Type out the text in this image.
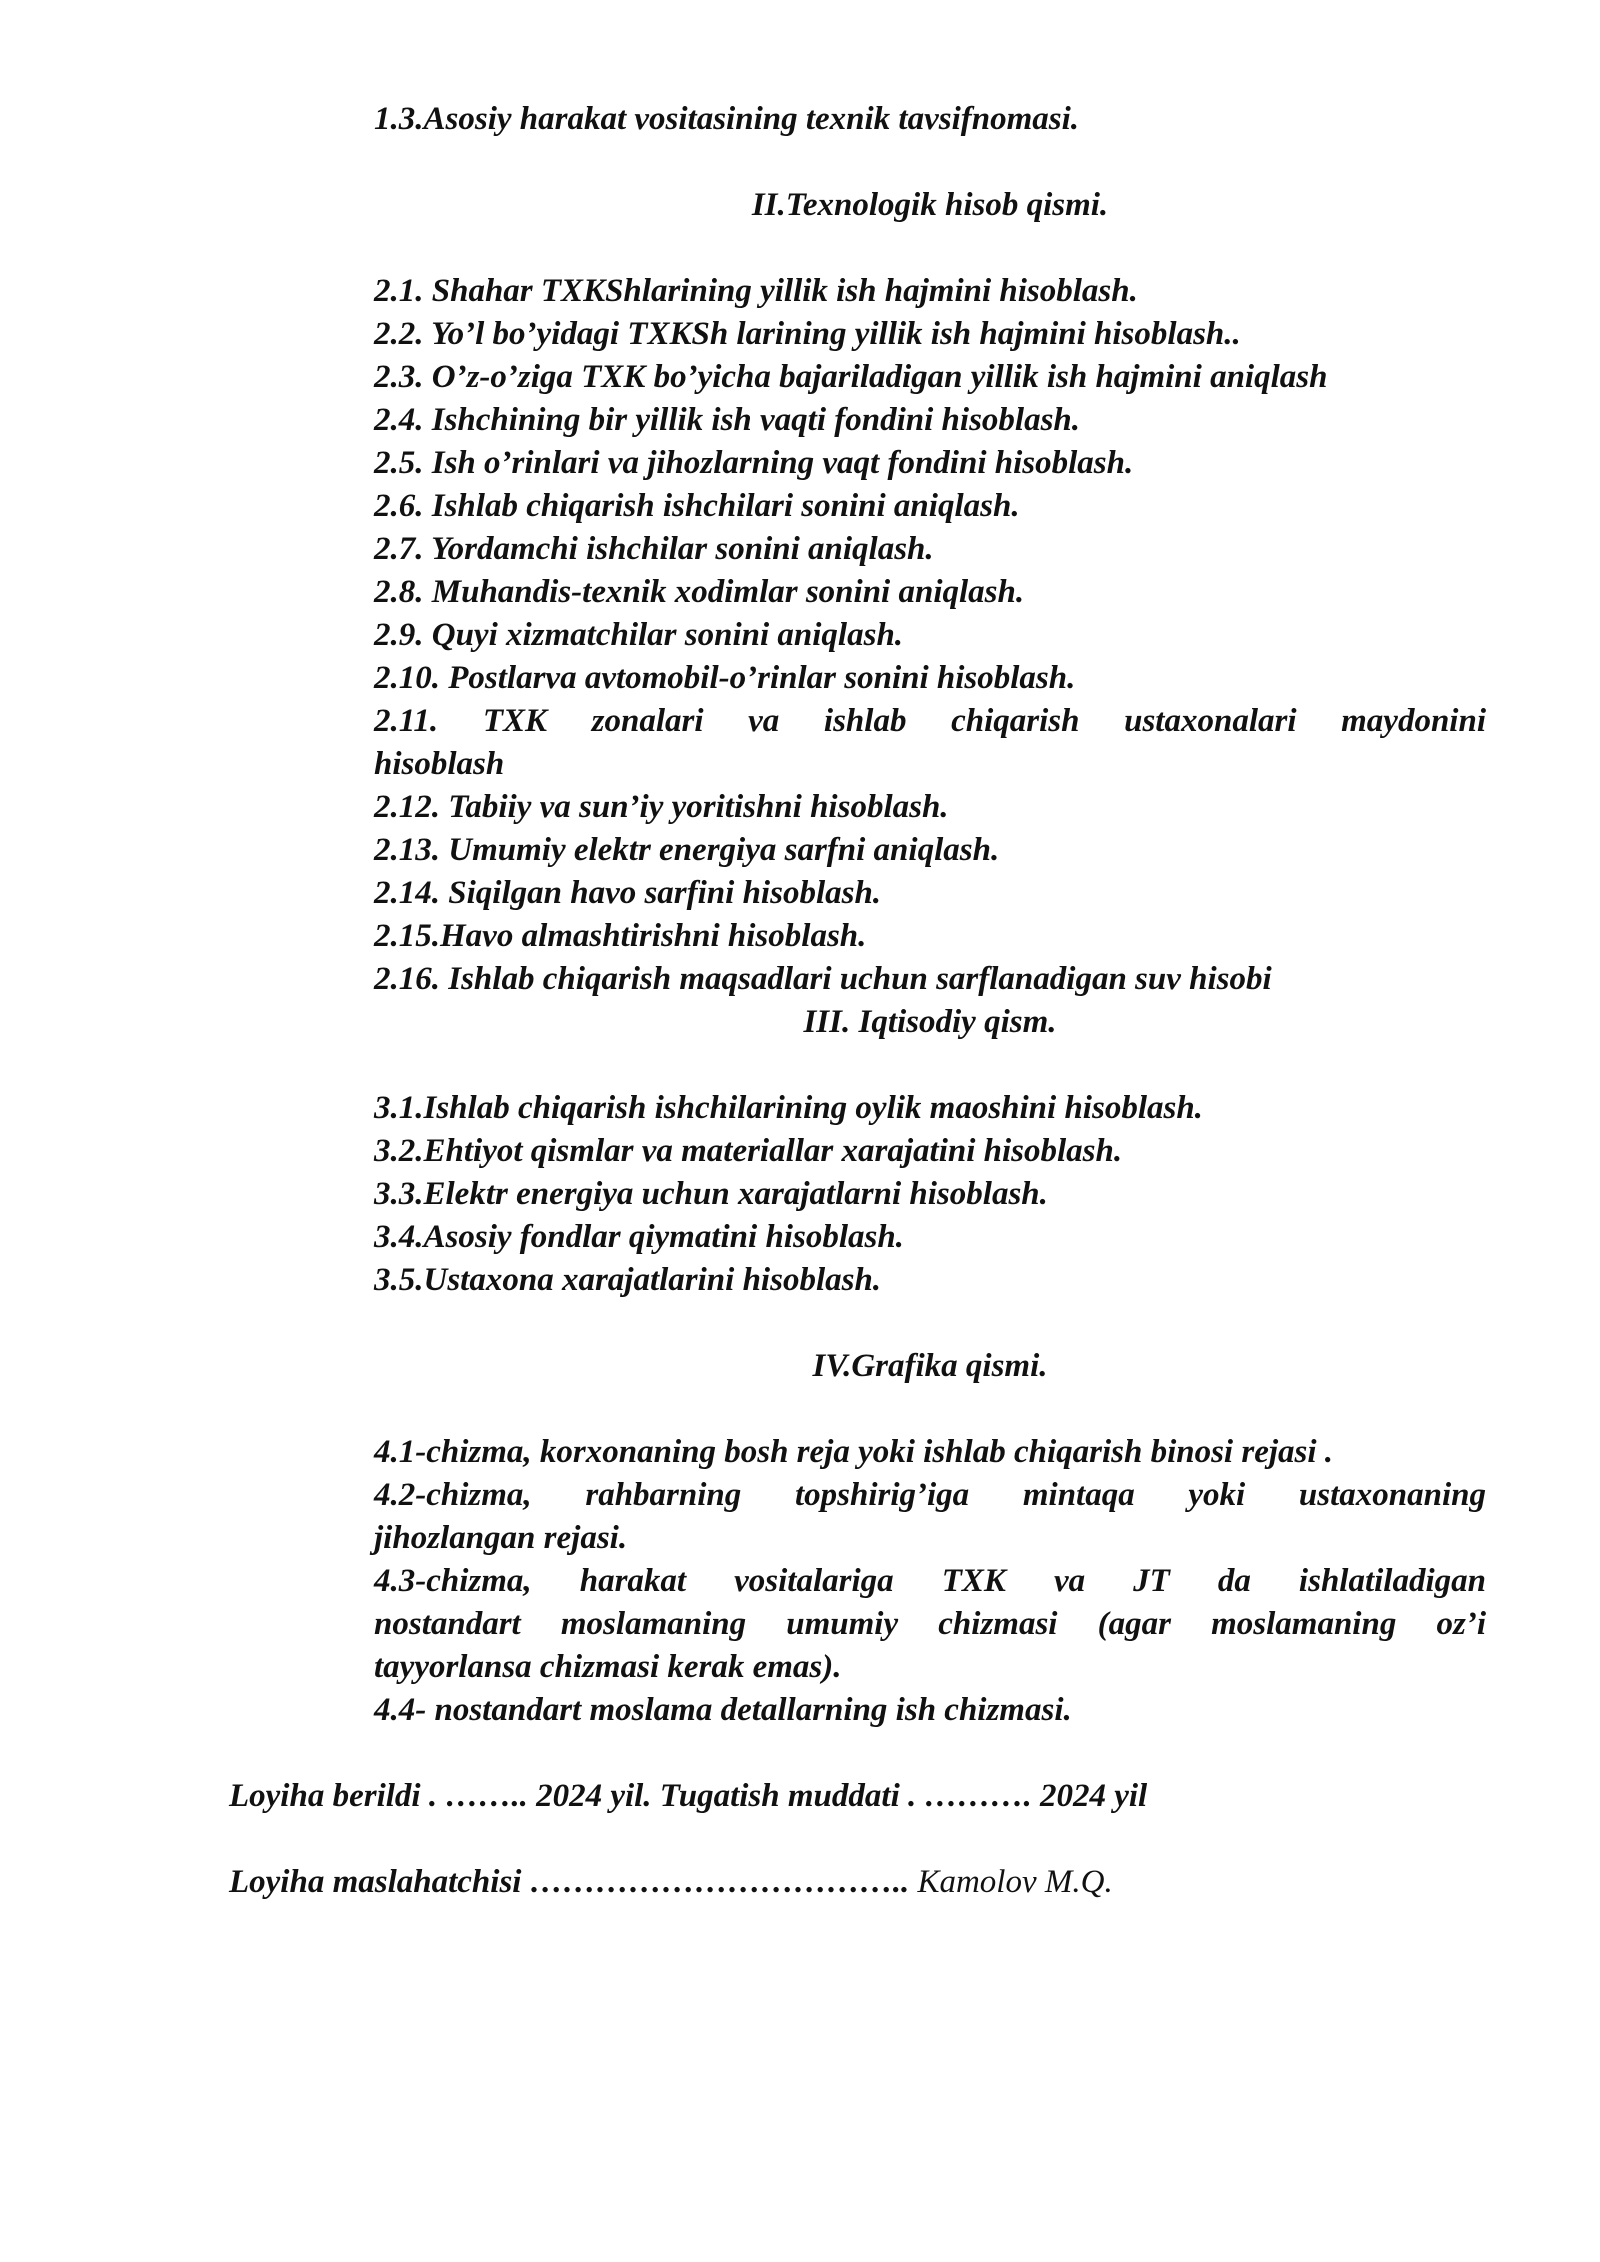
1.3.Asosiy harakat vositasining texnik tavsifnomasi.
II.Texnologik hisob qismi.
2.1. Shahar TXKShlarining yillik ish hajmini hisoblash.
2.2. Yo’l bo’yidagi TXKSh larining yillik ish hajmini hisoblash..
2.3. O’z-o’ziga TXK bo’yicha bajariladigan yillik ish hajmini aniqlash
2.4. Ishchining bir yillik ish vaqti fondini hisoblash.
2.5. Ish o’rinlari va jihozlarning vaqt fondini hisoblash.
2.6. Ishlab chiqarish ishchilari sonini aniqlash.
2.7. Yordamchi ishchilar sonini aniqlash.
2.8. Muhandis-texnik xodimlar sonini aniqlash.
2.9. Quyi xizmatchilar sonini aniqlash.
2.10. Postlarva avtomobil-o’rinlar sonini hisoblash.
2.11. TXK zonalari va ishlab chiqarish ustaxonalari maydonini
hisoblash
2.12. Tabiiy va sun’iy yoritishni hisoblash.
2.13. Umumiy elektr energiya sarfni aniqlash.
2.14. Siqilgan havo sarfini hisoblash.
2.15.Havo almashtirishni hisoblash.
2.16. Ishlab chiqarish maqsadlari uchun sarflanadigan suv hisobi
III. Iqtisodiy qism.
3.1.Ishlab chiqarish ishchilarining oylik maoshini hisoblash.
3.2.Ehtiyot qismlar va materiallar xarajatini hisoblash.
3.3.Elektr energiya uchun xarajatlarni hisoblash.
3.4.Asosiy fondlar qiymatini hisoblash.
3.5.Ustaxona xarajatlarini hisoblash.
IV.Grafika qismi.
4.1-chizma, korxonaning bosh reja yoki ishlab chiqarish binosi rejasi .
4.2-chizma, rahbarning topshirig’iga mintaqa yoki ustaxonaning
jihozlangan rejasi.
4.3-chizma, harakat vositalariga TXK va JT da ishlatiladigan
nostandart moslamaning umumiy chizmasi (agar moslamaning oz’i
tayyorlansa chizmasi kerak emas).
4.4- nostandart moslama detallarning ish chizmasi.
Loyiha berildi . …….. 2024 yil. Tugatish muddati . ………. 2024 yil
Loyiha maslahatchisi …………………………….. Kamolov M.Q.
